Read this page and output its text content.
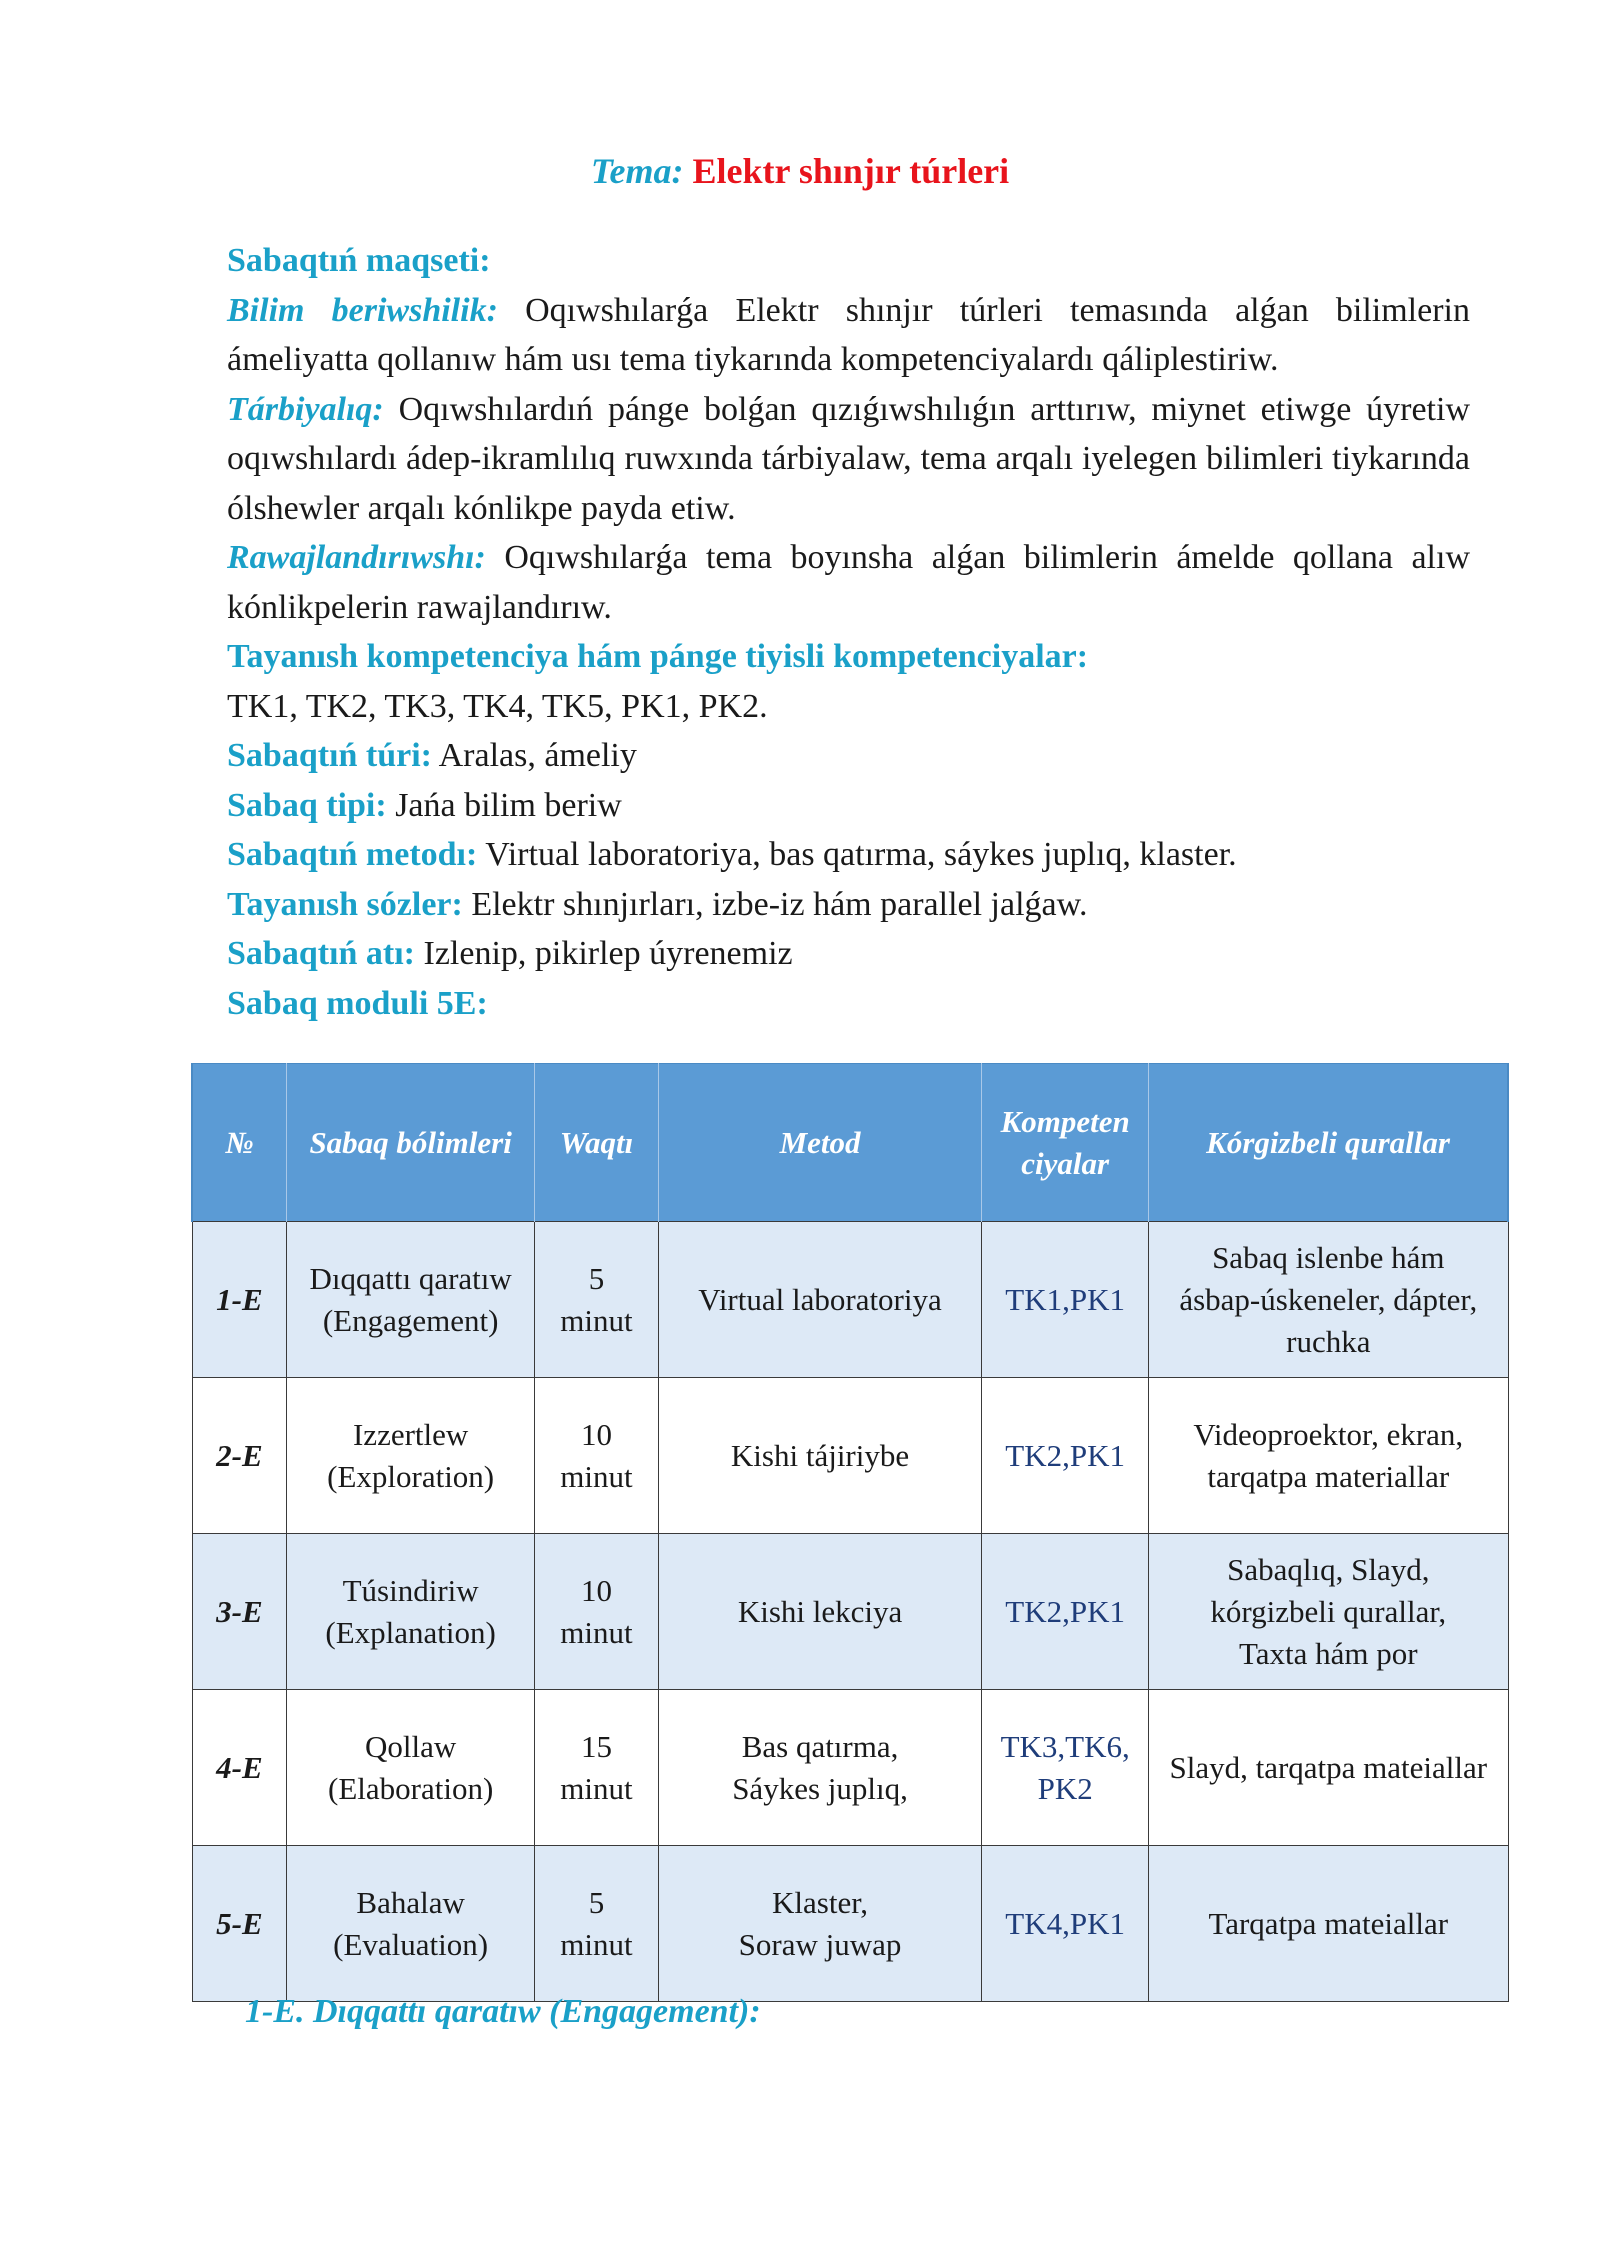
Tema: Elektr shınjır túrleri

Sabaqtıń maqseti:

Bilim beriwshilik: Oqıwshılarǵa Elektr shınjır túrleri temasında alǵan bilimlerin ámeliyatta qollanıw hám usı tema tiykarında kompetenciyalardı qáliplestiriw.

Tárbiyalıq: Oqıwshılardıń pánge bolǵan qızıǵıwshılıǵın arttırıw, miynet etiwge úyretiw oqıwshılardı ádep-ikramlılıq ruwxında tárbiyalaw, tema arqalı iyelegen bilimleri tiykarında ólshewler arqalı kónlikpe payda etiw.

Rawajlandırıwshı: Oqıwshılarǵa tema boyınsha alǵan bilimlerin ámelde qollana alıw kónlikpelerin rawajlandırıw.

Tayanısh kompetenciya hám pánge tiyisli kompetenciyalar:

TK1, TK2, TK3, TK4, TK5, PK1, PK2.

Sabaqtıń túri: Aralas, ámeliy

Sabaq tipi: Jańa bilim beriw

Sabaqtıń metodı: Virtual laboratoriya, bas qatırma, sáykes juplıq, klaster.

Tayanısh sózler: Elektr shınjırları, izbe-iz hám parallel jalǵaw.

Sabaqtıń atı: Izlenip, pikirlep úyrenemiz

Sabaq moduli 5E:

№	Sabaq bólimleri	Waqtı	Metod	Kompeten
ciyalar	Kórgizbeli qurallar
1-E	Dıqqattı qaratıw
(Engagement)	5
minut	Virtual laboratoriya	TK1,PK1	Sabaq islenbe hám
ásbap-úskeneler, dápter,
ruchka
2-E	Izzertlew
(Exploration)	10
minut	Kishi tájiriybe	TK2,PK1	Videoproektor, ekran,
tarqatpa materiallar
3-E	Túsindiriw
(Explanation)	10
minut	Kishi lekciya	TK2,PK1	Sabaqlıq, Slayd,
kórgizbeli qurallar,
Taxta hám por
4-E	Qollaw
(Elaboration)	15
minut	Bas qatırma,
Sáykes juplıq,	TK3,TK6,
PK2	Slayd, tarqatpa mateiallar
5-E	Bahalaw
(Evaluation)	5
minut	Klaster,
Soraw juwap	TK4,PK1	Tarqatpa mateiallar
1-E. Dıqqattı qaratıw (Engagement):
